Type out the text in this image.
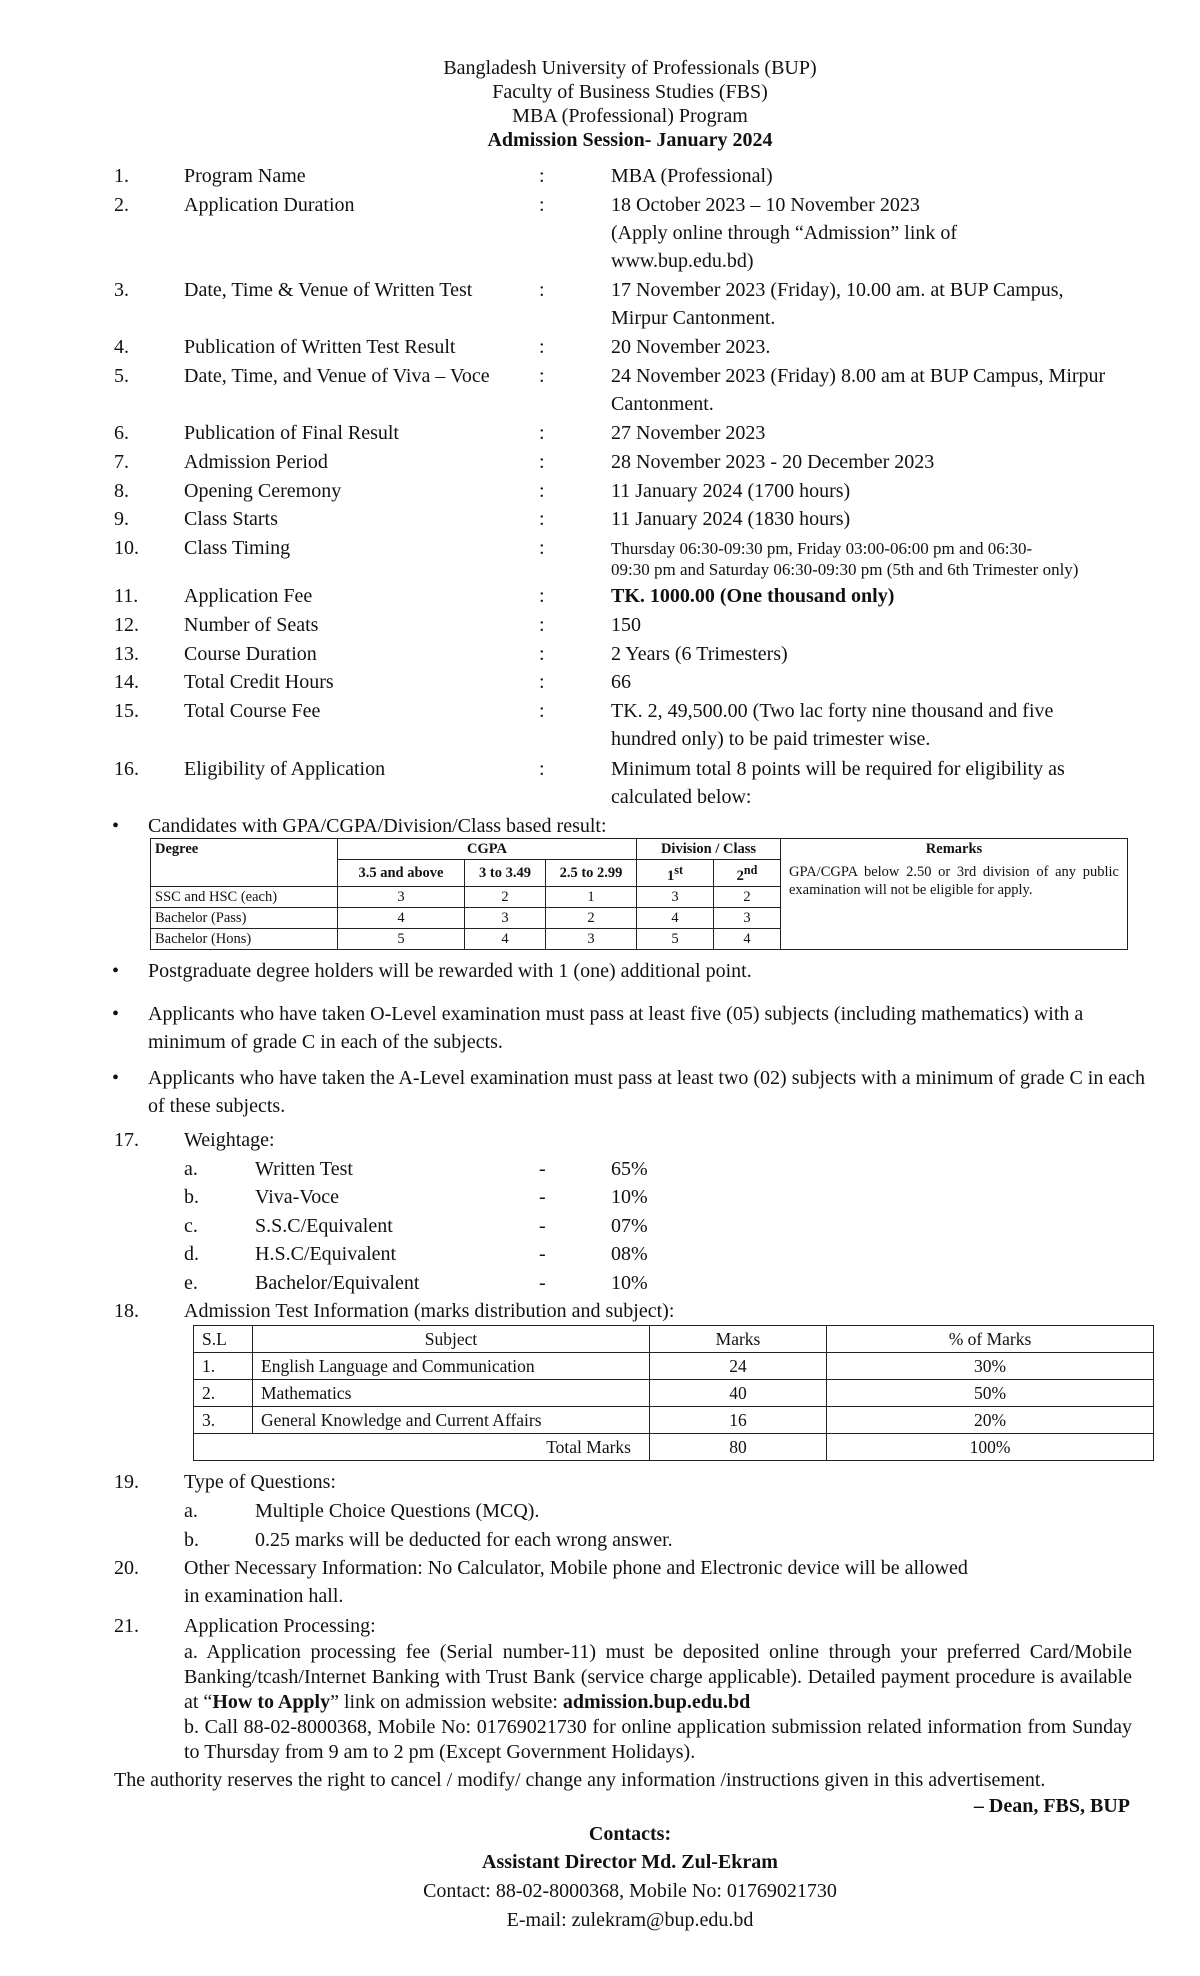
Bangladesh University of Professionals (BUP)
Faculty of Business Studies (FBS)
MBA (Professional) Program
Admission Session- January 2024
1.	Program Name	:	MBA (Professional)
2.	Application Duration	:	18 October 2023 – 10 November 2023
(Apply online through “Admission” link of
www.bup.edu.bd)
3.	Date, Time & Venue of Written Test	:	17 November 2023 (Friday), 10.00 am. at BUP Campus,
Mirpur Cantonment.
4.	Publication of Written Test Result	:	20 November 2023.
5.	Date, Time, and Venue of Viva – Voce	:	24 November 2023 (Friday) 8.00 am at BUP Campus, Mirpur
Cantonment.
6.	Publication of Final Result	:	27 November 2023
7.	Admission Period	:	28 November 2023 - 20 December 2023
8.	Opening Ceremony	:	11 January 2024 (1700 hours)
9.	Class Starts	:	11 January 2024 (1830 hours)
10.	Class Timing	:	Thursday 06:30-09:30 pm, Friday 03:00-06:00 pm and 06:30-
09:30 pm and Saturday 06:30-09:30 pm (5th and 6th Trimester only)
11.	Application Fee	:	TK. 1000.00 (One thousand only)
12.	Number of Seats	:	150
13.	Course Duration	:	2 Years (6 Trimesters)
14.	Total Credit Hours	:	66
15.	Total Course Fee	:	TK. 2, 49,500.00 (Two lac forty nine thousand and five
hundred only) to be paid trimester wise.
16.	Eligibility of Application	:	Minimum total 8 points will be required for eligibility as
calculated below:
• Candidates with GPA/CGPA/Division/Class based result:
Degree	CGPA			Division / Class		Remarks
	3.5 and above	3 to 3.49	2.5 to 2.99	1st	2nd	GPA/CGPA below 2.50 or 3rd division of any public examination will not be eligible for apply.
SSC and HSC (each)	3	2	1	3	2	
Bachelor (Pass)	4	3	2	4	3	
Bachelor (Hons)	5	4	3	5	4	
• Postgraduate degree holders will be rewarded with 1 (one) additional point.
• Applicants who have taken O-Level examination must pass at least five (05) subjects (including mathematics) with a minimum of grade C in each of the subjects.
• Applicants who have taken the A-Level examination must pass at least two (02) subjects with a minimum of grade C in each of these subjects.
17.	Weightage:
a.	Written Test	-	65%
b.	Viva-Voce	-	10%
c.	S.S.C/Equivalent	-	07%
d.	H.S.C/Equivalent	-	08%
e.	Bachelor/Equivalent	-	10%
18.	Admission Test Information (marks distribution and subject):
S.L	Subject	Marks	% of Marks
1.	English Language and Communication	24	30%
2.	Mathematics	40	50%
3.	General Knowledge and Current Affairs	16	20%
Total Marks		80	100%
19.	Type of Questions:
a.	Multiple Choice Questions (MCQ).
b.	0.25 marks will be deducted for each wrong answer.
20.	Other Necessary Information: No Calculator, Mobile phone and Electronic device will be allowed
in examination hall.
21.	Application Processing:
a. Application processing fee (Serial number-11) must be deposited online through your preferred Card/Mobile Banking/tcash/Internet Banking with Trust Bank (service charge applicable). Detailed payment procedure is available at “How to Apply” link on admission website: admission.bup.edu.bd
b. Call 88-02-8000368, Mobile No: 01769021730 for online application submission related information from Sunday to Thursday from 9 am to 2 pm (Except Government Holidays).
The authority reserves the right to cancel / modify/ change any information /instructions given in this advertisement.
– Dean, FBS, BUP
Contacts:
Assistant Director Md. Zul-Ekram
Contact: 88-02-8000368, Mobile No: 01769021730
E-mail: zulekram@bup.edu.bd
